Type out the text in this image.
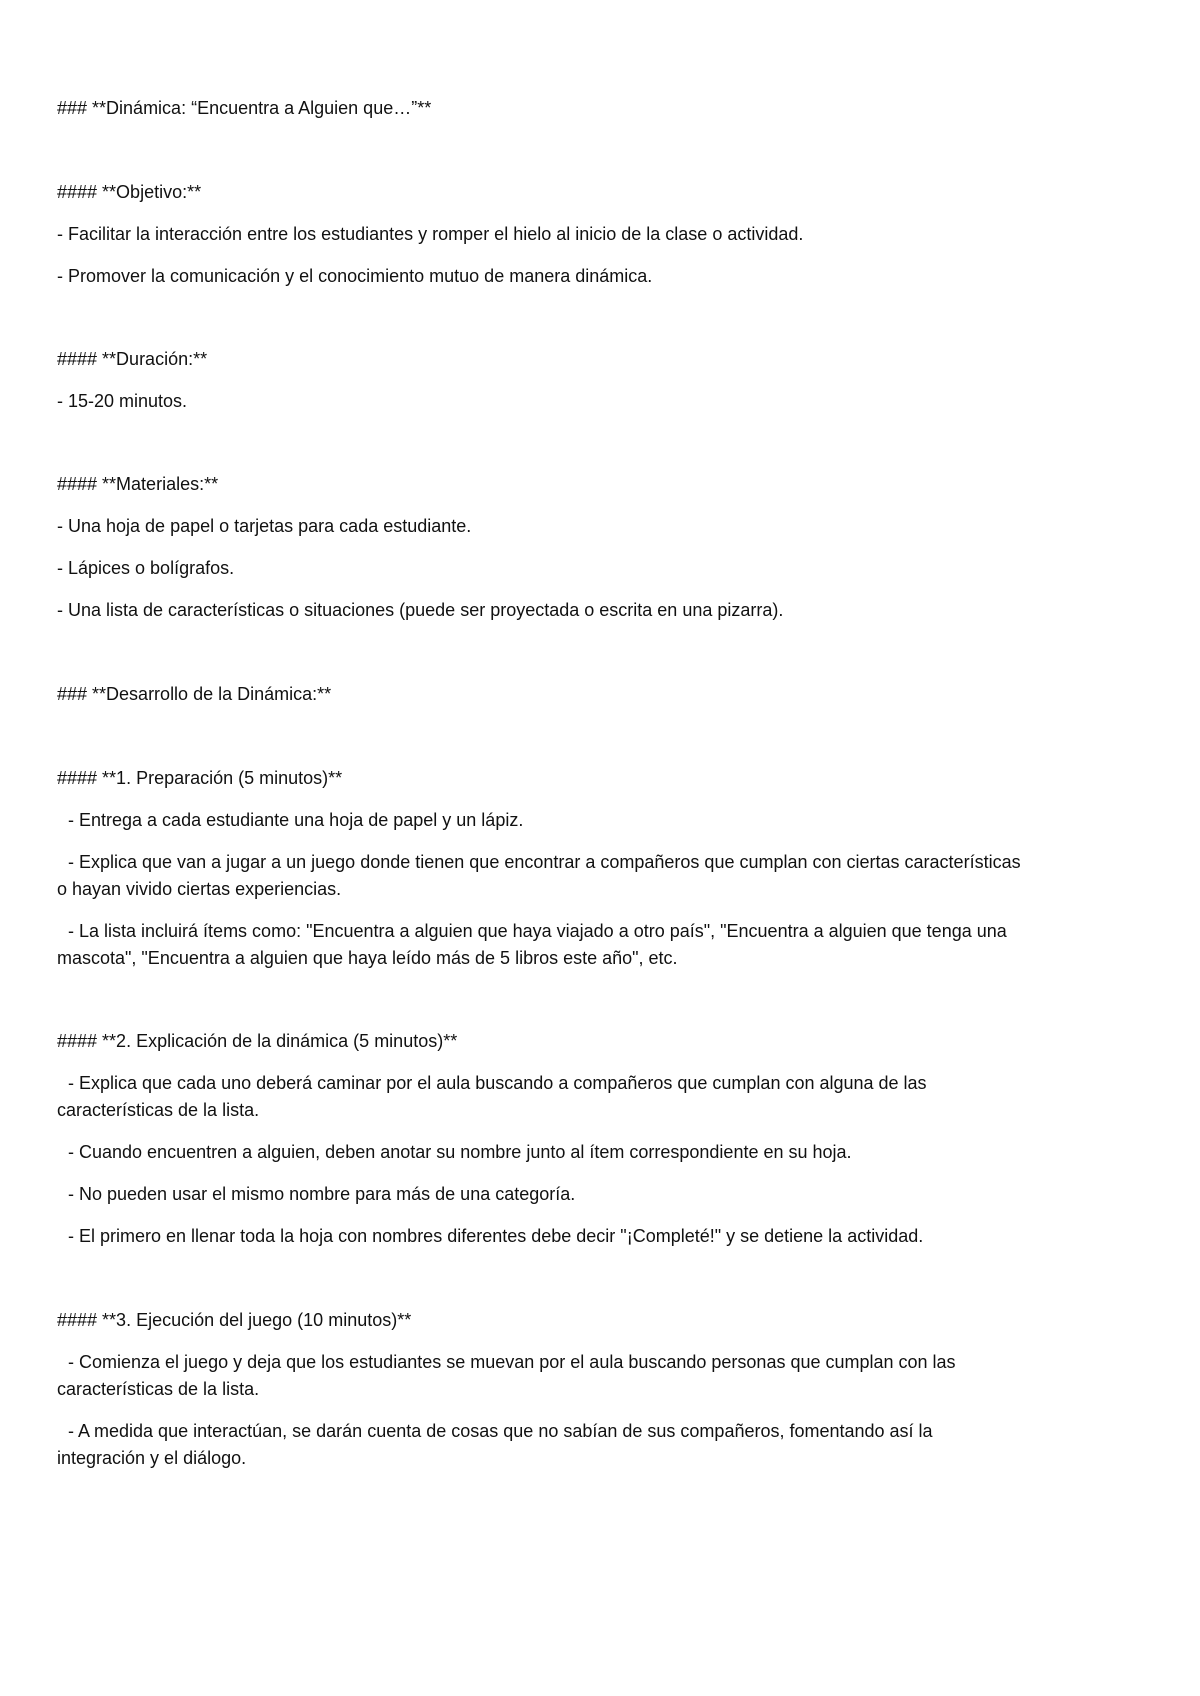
### **Dinámica: “Encuentra a Alguien que…”**
#### **Objetivo:**
- Facilitar la interacción entre los estudiantes y romper el hielo al inicio de la clase o actividad.
- Promover la comunicación y el conocimiento mutuo de manera dinámica.
#### **Duración:**
- 15-20 minutos.
#### **Materiales:**
- Una hoja de papel o tarjetas para cada estudiante.
- Lápices o bolígrafos.
- Una lista de características o situaciones (puede ser proyectada o escrita en una pizarra).
### **Desarrollo de la Dinámica:**
#### **1. Preparación (5 minutos)**
- Entrega a cada estudiante una hoja de papel y un lápiz.
- Explica que van a jugar a un juego donde tienen que encontrar a compañeros que cumplan con ciertas características
o hayan vivido ciertas experiencias.
- La lista incluirá ítems como: "Encuentra a alguien que haya viajado a otro país", "Encuentra a alguien que tenga una
mascota", "Encuentra a alguien que haya leído más de 5 libros este año", etc.
#### **2. Explicación de la dinámica (5 minutos)**
- Explica que cada uno deberá caminar por el aula buscando a compañeros que cumplan con alguna de las
características de la lista.
- Cuando encuentren a alguien, deben anotar su nombre junto al ítem correspondiente en su hoja.
- No pueden usar el mismo nombre para más de una categoría.
- El primero en llenar toda la hoja con nombres diferentes debe decir "¡Completé!" y se detiene la actividad.
#### **3. Ejecución del juego (10 minutos)**
- Comienza el juego y deja que los estudiantes se muevan por el aula buscando personas que cumplan con las
características de la lista.
- A medida que interactúan, se darán cuenta de cosas que no sabían de sus compañeros, fomentando así la
integración y el diálogo.
